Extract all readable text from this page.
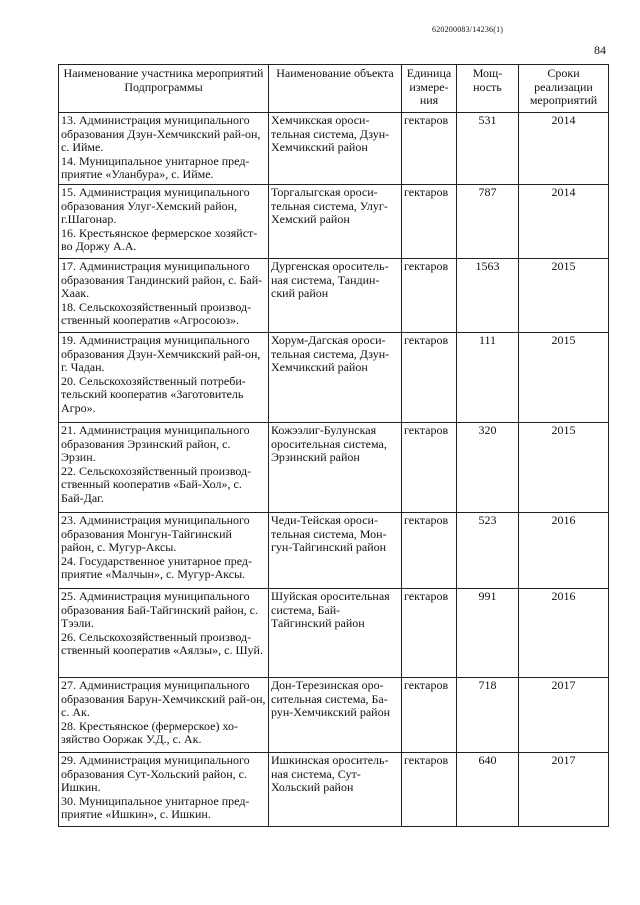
620200083/14236(1)
84
Наименование участника мероприятий Подпрограммы	Наименование объекта	Единица измере-ния	Мощ-ность	Сроки реализации мероприятий

13. Администрация муниципального образования Дзун-Хемчикский рай-он, с. Ийме.
14. Муниципальное унитарное пред-приятие «Уланбура», с. Ийме.	Хемчикская ороси-тельная система, Дзун-Хемчикский район	гектаров	531	2014

15. Администрация муниципального образования Улуг-Хемский район, г.Шагонар.
16. Крестьянское фермерское хозяйст-во Доржу А.А.	Торгалыгская ороси-тельная система, Улуг-Хемский район	гектаров	787	2014

17. Администрация муниципального образования Тандинский район, с. Бай-Хаак.
18. Сельскохозяйственный производ-ственный кооператив «Агросоюз».	Дургенская ороситель-ная система, Тандин-ский район	гектаров	1563	2015

19. Администрация муниципального образования Дзун-Хемчикский рай-он, г. Чадан.
20. Сельскохозяйственный потреби-тельский кооператив «Заготовитель Агро».	Хорум-Дагская ороси-тельная система, Дзун-Хемчикский район	гектаров	111	2015

21. Администрация муниципального образования Эрзинский район, с. Эрзин.
22. Сельскохозяйственный производ-ственный кооператив «Бай-Хол», с. Бай-Даг.	Кожээлиг-Булунская оросительная система, Эрзинский район	гектаров	320	2015

23. Администрация муниципального образования Монгун-Тайгинский район, с. Мугур-Аксы.
24. Государственное унитарное пред-приятие «Малчын», с. Мугур-Аксы.	Чеди-Тейская ороси-тельная система, Мон-гун-Тайгинский район	гектаров	523	2016

25. Администрация муниципального образования Бай-Тайгинский район, с. Тээли.
26. Сельскохозяйственный производ-ственный кооператив «Аялзы», с. Шуй.	Шуйская оросительная система, Бай-Тайгинский район	гектаров	991	2016

27. Администрация муниципального образования Барун-Хемчикский рай-он, с. Ак.
28. Крестьянское (фермерское) хо-зяйство Ооржак У.Д., с. Ак.	Дон-Терезинская оро-сительная система, Ба-рун-Хемчикский район	гектаров	718	2017

29. Администрация муниципального образования Сут-Хольский район, с. Ишкин.
30. Муниципальное унитарное пред-приятие «Ишкин», с. Ишкин.	Ишкинская ороситель-ная система, Сут-Хольский район	гектаров	640	2017
